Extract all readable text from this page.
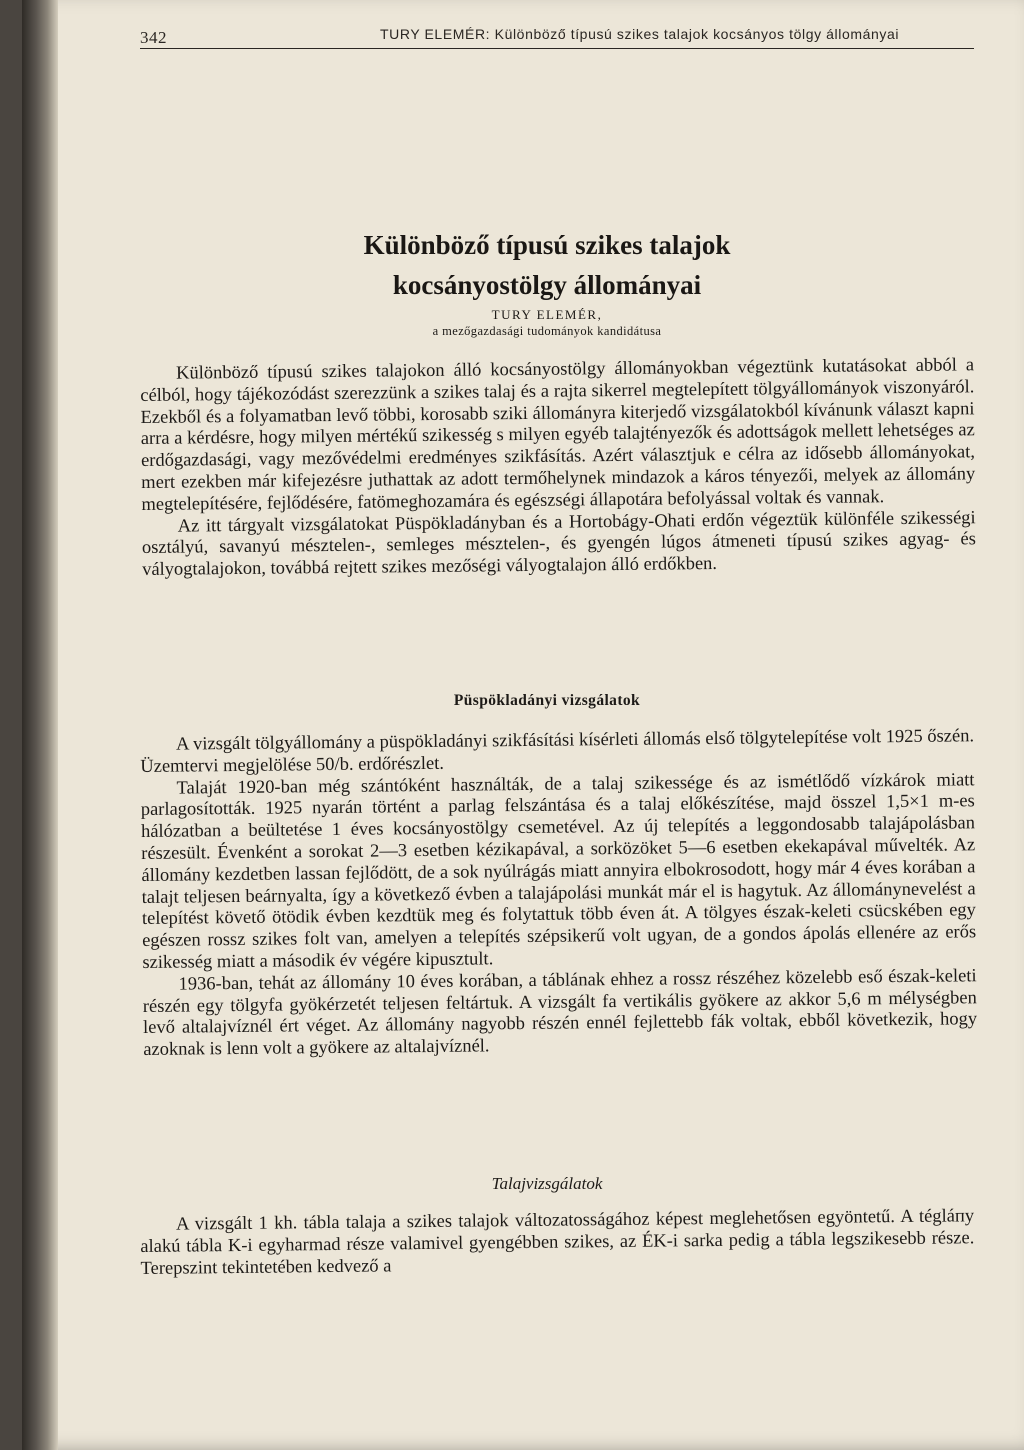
342	TURY ELEMÉR: Különböző típusú szikes talajok kocsányos tölgy állományai
Különböző típusú szikes talajok
kocsányostölgy állományai
TURY ELEMÉR,
a mezőgazdasági tudományok kandidátusa

Különböző típusú szikes talajokon álló kocsányostölgy állományokban végeztünk kutatásokat abból a célból, hogy tájékozódást szerezzünk a szikes talaj és a rajta sikerrel megtelepített tölgyállományok viszonyáról. Ezekből és a folyamatban levő többi, korosabb sziki állományra kiterjedő vizsgálatokból kívánunk választ kapni arra a kérdésre, hogy milyen mértékű szikesség s milyen egyéb talajtényezők és adottságok mellett lehetséges az erdőgazdasági, vagy mezővédelmi eredményes szikfásítás. Azért választjuk e célra az idősebb állományokat, mert ezekben már kifejezésre juthattak az adott termőhelynek mindazok a káros tényezői, melyek az állomány megtelepítésére, fejlődésére, fatömeghozamára és egészségi állapotára befolyással voltak és vannak.

Az itt tárgyalt vizsgálatokat Püspökladányban és a Hortobágy-Ohati erdőn végeztük különféle szikességi osztályú, savanyú mésztelen-, semleges mésztelen-, és gyengén lúgos átmeneti típusú szikes agyag- és vályogtalajokon, továbbá rejtett szikes mezőségi vályogtalajon álló erdőkben.

Püspökladányi vizsgálatok

A vizsgált tölgyállomány a püspökladányi szikfásítási kísérleti állomás első tölgytelepítése volt 1925 őszén. Üzemtervi megjelölése 50/b. erdőrészlet.

Talaját 1920-ban még szántóként használták, de a talaj szikessége és az ismétlődő vízkárok miatt parlagosították. 1925 nyarán történt a parlag felszántása és a talaj előkészítése, majd összel 1,5×1 m-es hálózatban a beültetése 1 éves kocsányostölgy csemetével. Az új telepítés a leggondosabb talajápolásban részesült. Évenként a sorokat 2—3 esetben kézikapával, a sorközöket 5—6 esetben ekekapával művelték. Az állomány kezdetben lassan fejlődött, de a sok nyúlrágás miatt annyira elbokrosodott, hogy már 4 éves korában a talajt teljesen beárnyalta, így a következő évben a talajápolási munkát már el is hagytuk. Az állománynevelést a telepítést követő ötödik évben kezdtük meg és folytattuk több éven át. A tölgyes észak-keleti csücskében egy egészen rossz szikes folt van, amelyen a telepítés szépsikerű volt ugyan, de a gondos ápolás ellenére az erős szikesség miatt a második év végére kipusztult.

1936-ban, tehát az állomány 10 éves korában, a táblának ehhez a rossz részéhez közelebb eső észak-keleti részén egy tölgyfa gyökérzetét teljesen feltártuk. A vizsgált fa vertikális gyökere az akkor 5,6 m mélységben levő altalajvíznél ért véget. Az állomány nagyobb részén ennél fejlettebb fák voltak, ebből következik, hogy azoknak is lenn volt a gyökere az altalajvíznél.

Talajvizsgálatok

A vizsgált 1 kh. tábla talaja a szikes talajok változatosságához képest meglehetősen egyöntetű. A tégláпу alakú tábla K-i egyharmad része valamivel gyengébben szikes, az ÉK-i sarka pedig a tábla legszikesebb része. Terepszint tekintetében kedvező a
